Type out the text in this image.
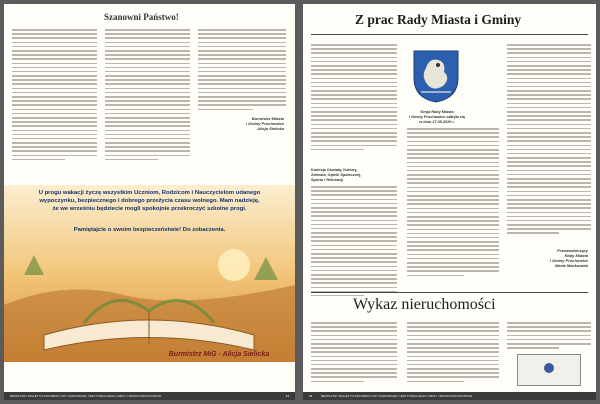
Szanowni Państwo!
Burmistrz Miasta
i Gminy Prochowice
Alicja Sielicka
U progu wakacji życzę wszystkim Uczniom, Rodzicom i Nauczycielom udanego
wypoczynku, bezpiecznego i dobrego przeżycia czasu wolnego. Mam nadzieję,
że we wrześniu będziecie mogli spokojnie przekroczyć szkolne progi.
Pamiętajcie o swoim bezpieczeństwie! Do zobaczenia.
Burmistrz MiG - Alicja Sielicka
BEZPŁATNY BIULETYN INFORMACYJNY SAMORZĄDU TERYTORIALNEGO GMINY I MIASTA PROCHOWICE	11
Z prac Rady Miasta i Gminy
Sesja Rady Miasta
i Gminy Prochowice odbyła się
w dniu 27.05.2020 r.
Komisja Oświaty, Kultury,
Zdrowia, Opieki Społecznej,
Sportu i Rekreacji
Przewodniczący
Rady Miasta
i Gminy Prochowice
Marta Maćkowiak
Wykaz nieruchomości
12	BEZPŁATNY BIULETYN INFORMACYJNY SAMORZĄDU TERYTORIALNEGO GMINY I MIASTA PROCHOWICE
